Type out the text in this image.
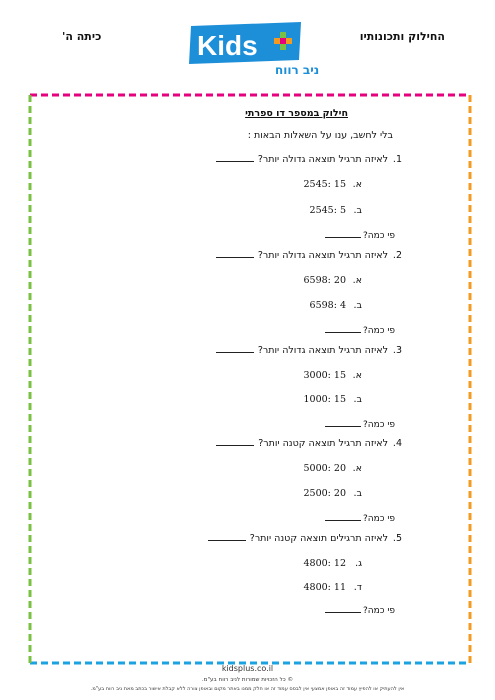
החילוק ותכונותיו
כיתה ה'	Kids
ניב רווח
חילוק במספר דו ספרתי
בלי לחשב, ענו על השאלות הבאות :
1.לאיזה תרגיל תוצאה גדולה יותר?
א.2545: 15
ב.2545: 5
פי כמה?
2.לאיזה תרגיל תוצאה גדולה יותר?
א.6598: 20
ב.6598: 4
פי כמה?
3.לאיזה תרגיל תוצאה גדולה יותר?
א.3000: 15
ב.1000: 15
פי כמה?
4.לאיזה תרגיל תוצאה קטנה יותר?
א.5000: 20
ב.2500: 20
פי כמה?
5.לאיזה תרגילים תוצאה קטנה יותר?
ג.4800: 12
ד.4800: 11
פי כמה?
kidsplus.co.il
© כל הזכויות שמורות לניב רווח בע"מ.
אין להעתיק או להפיץ עמוד זה באופן אמצעי אין לבסס עמוד זה או חלק ממנו באתר מקום ובאופן צורה ללא קבלת אישור בכתב מאת ניב רווח בע"מ.
